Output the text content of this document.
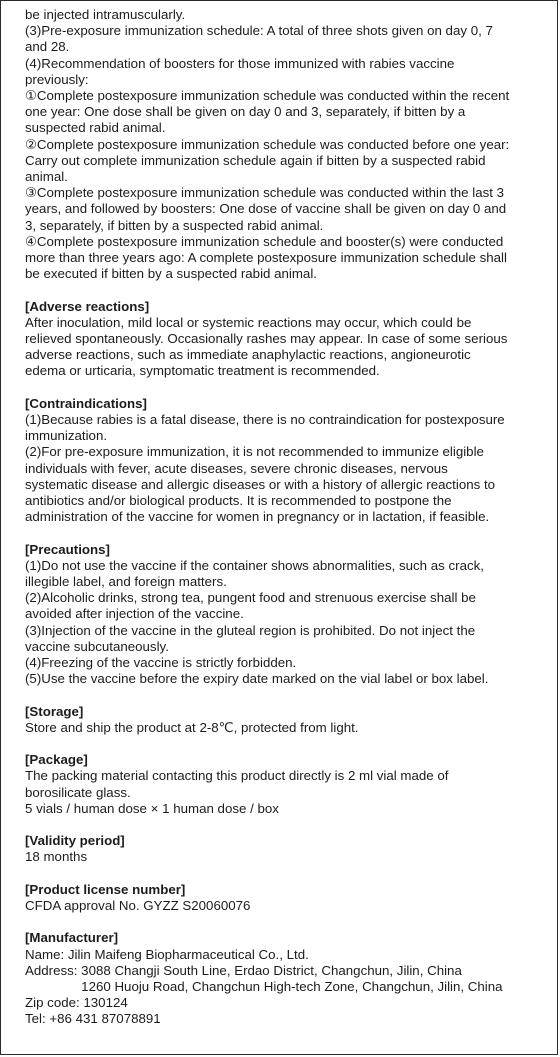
be injected intramuscularly.

(3)Pre-exposure immunization schedule: A total of three shots given on day 0, 7

and 28.

(4)Recommendation of boosters for those immunized with rabies vaccine

previously:

①Complete postexposure immunization schedule was conducted within the recent

one year: One dose shall be given on day 0 and 3, separately, if bitten by a

suspected rabid animal.

②Complete postexposure immunization schedule was conducted before one year:

Carry out complete immunization schedule again if bitten by a suspected rabid

animal.

③Complete postexposure immunization schedule was conducted within the last 3

years, and followed by boosters: One dose of vaccine shall be given on day 0 and

3, separately, if bitten by a suspected rabid animal.

④Complete postexposure immunization schedule and booster(s) were conducted

more than three years ago: A complete postexposure immunization schedule shall

be executed if bitten by a suspected rabid animal.

[Adverse reactions]

After inoculation, mild local or systemic reactions may occur, which could be

relieved spontaneously. Occasionally rashes may appear. In case of some serious

adverse reactions, such as immediate anaphylactic reactions, angioneurotic

edema or urticaria, symptomatic treatment is recommended.

[Contraindications]

(1)Because rabies is a fatal disease, there is no contraindication for postexposure

immunization.

(2)For pre-exposure immunization, it is not recommended to immunize eligible

individuals with fever, acute diseases, severe chronic diseases, nervous

systematic disease and allergic diseases or with a history of allergic reactions to

antibiotics and/or biological products. It is recommended to postpone the

administration of the vaccine for women in pregnancy or in lactation, if feasible.

[Precautions]

(1)Do not use the vaccine if the container shows abnormalities, such as crack,

illegible label, and foreign matters.

(2)Alcoholic drinks, strong tea, pungent food and strenuous exercise shall be

avoided after injection of the vaccine.

(3)Injection of the vaccine in the gluteal region is prohibited. Do not inject the

vaccine subcutaneously.

(4)Freezing of the vaccine is strictly forbidden.

(5)Use the vaccine before the expiry date marked on the vial label or box label.

[Storage]

Store and ship the product at 2-8℃, protected from light.

[Package]

The packing material contacting this product directly is 2 ml vial made of

borosilicate glass.

5 vials / human dose × 1 human dose / box

[Validity period]

18 months

[Product license number]

CFDA approval No. GYZZ S20060076

[Manufacturer]

Name: Jilin Maifeng Biopharmaceutical Co., Ltd.

Address: 3088 Changji South Line, Erdao District, Changchun, Jilin, China
1260 Huoju Road, Changchun High-tech Zone, Changchun, Jilin, China

Zip code: 130124

Tel: +86 431 87078891
